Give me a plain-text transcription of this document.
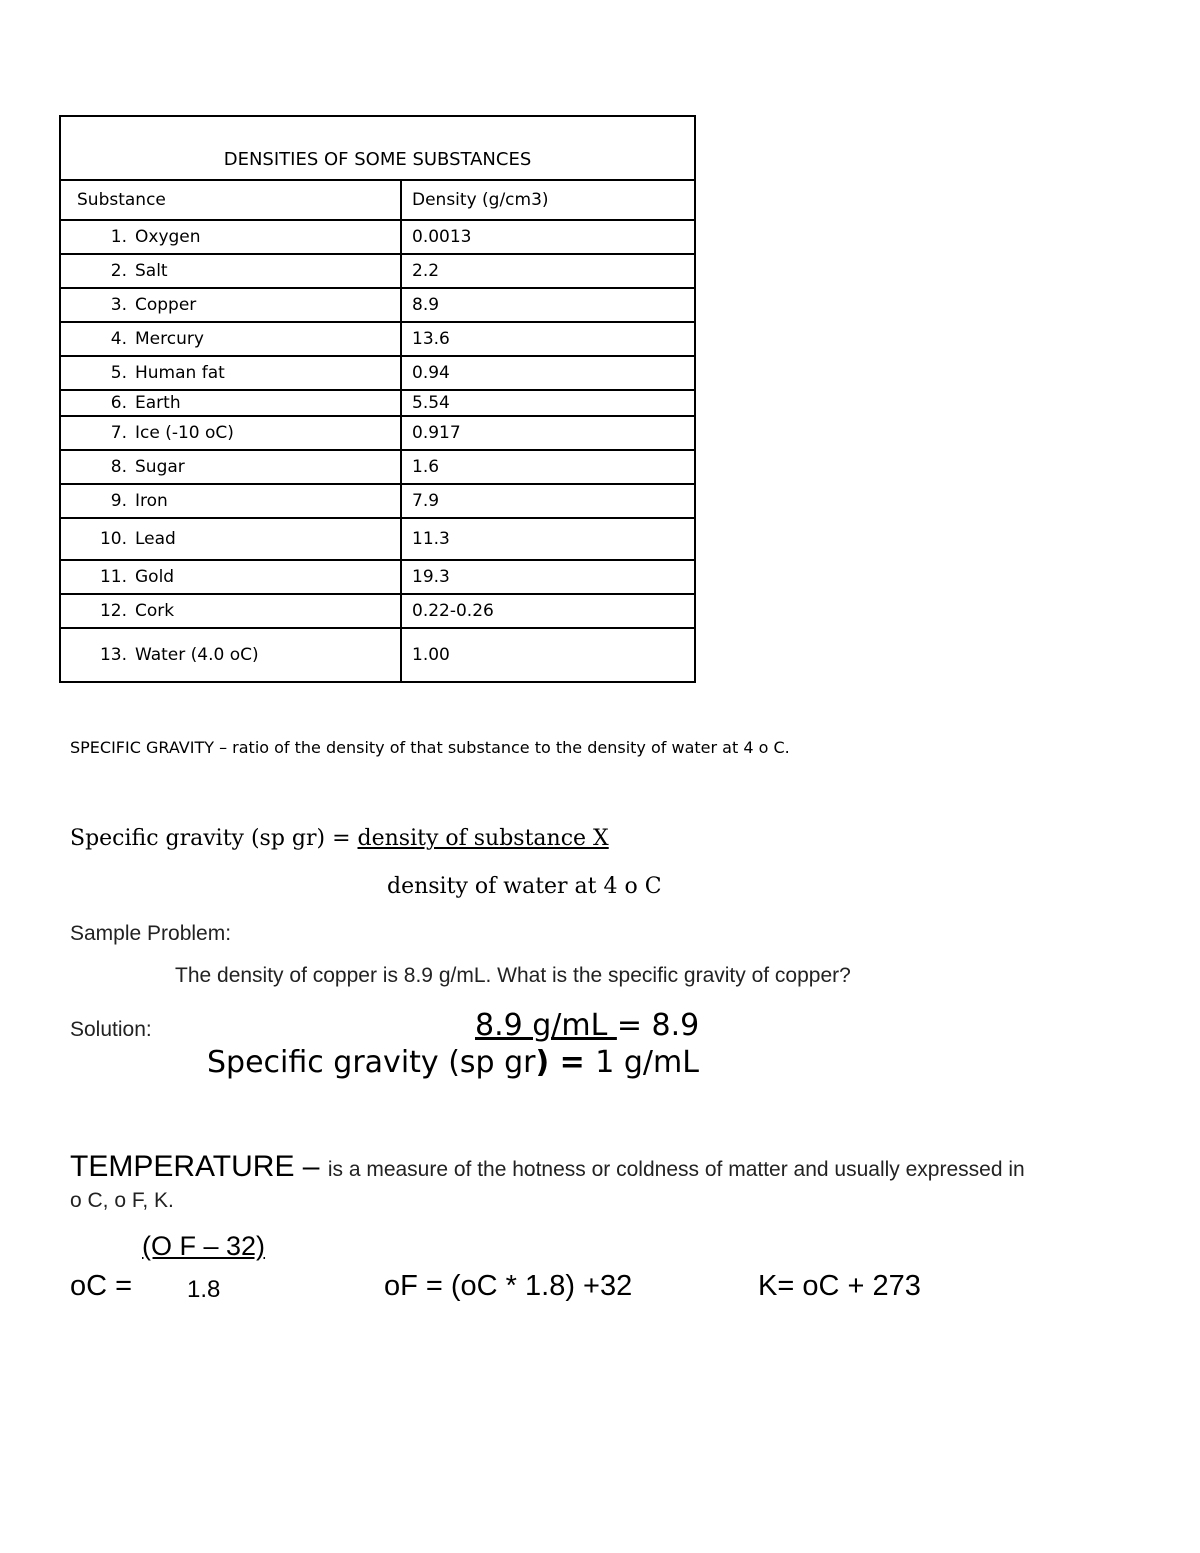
DENSITIES OF SOME SUBSTANCES	
Substance	Density (g/cm3)
1. Oxygen	0.0013
2. Salt	2.2
3. Copper	8.9
4. Mercury	13.6
5. Human fat	0.94
6. Earth	5.54
7. Ice (-10 oC)	0.917
8. Sugar	1.6
9. Iron	7.9
10. Lead	11.3
11. Gold	19.3
12. Cork	0.22-0.26
13. Water (4.0 oC)	1.00
SPECIFIC GRAVITY – ratio of the density of that substance to the density of water at 4 o C.
Specific gravity (sp gr) = density of substance X
density of water at 4 o C
Sample Problem:
The density of copper is 8.9 g/mL. What is the specific gravity of copper?
Solution:	8.9 g/mL = 8.9
Specific gravity (sp gr) = 1 g/mL
TEMPERATURE – is a measure of the hotness or coldness of matter and usually expressed in
o C, o F, K.
(O F – 32)
oC = 1.8	oF = (oC * 1.8) +32	K= oC + 273
